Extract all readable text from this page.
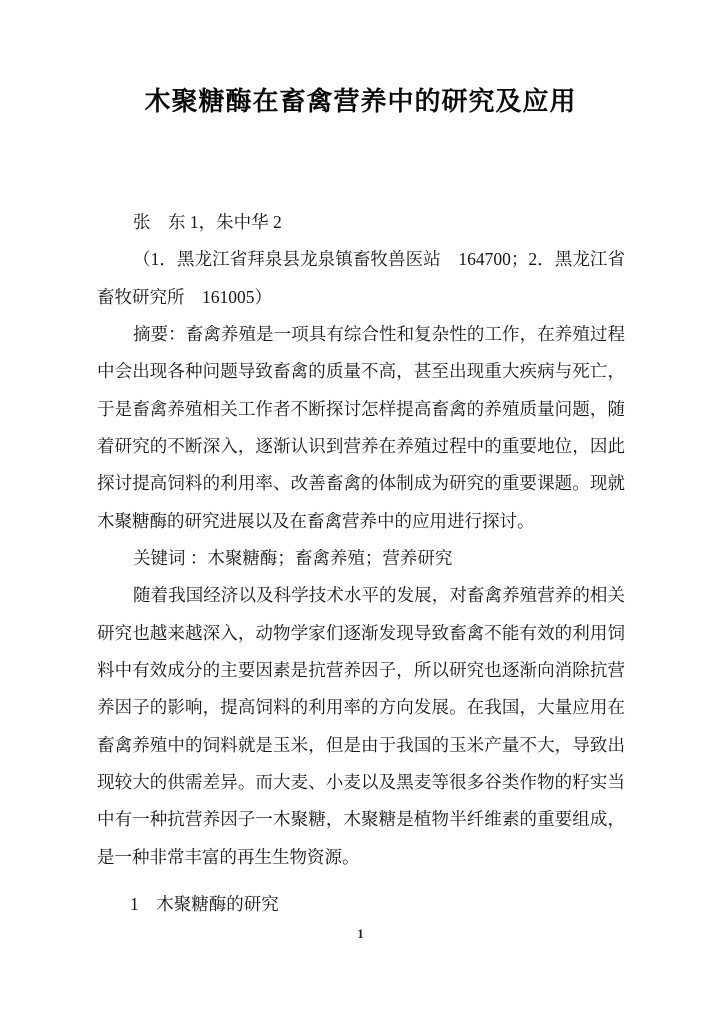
木聚糖酶在畜禽营养中的研究及应用
张　东 1，朱中华 2
（1．黑龙江省拜泉县龙泉镇畜牧兽医站　164700；2．黑龙江省
畜牧研究所　161005）
摘要：畜禽养殖是一项具有综合性和复杂性的工作，在养殖过程
中会出现各种问题导致畜禽的质量不高，甚至出现重大疾病与死亡，
于是畜禽养殖相关工作者不断探讨怎样提高畜禽的养殖质量问题，随
着研究的不断深入，逐渐认识到营养在养殖过程中的重要地位，因此
探讨提高饲料的利用率、改善畜禽的体制成为研究的重要课题。现就
木聚糖酶的研究进展以及在畜禽营养中的应用进行探讨。
关键词 ：木聚糖酶；畜禽养殖；营养研究
随着我国经济以及科学技术水平的发展，对畜禽养殖营养的相关
研究也越来越深入，动物学家们逐渐发现导致畜禽不能有效的利用饲
料中有效成分的主要因素是抗营养因子，所以研究也逐渐向消除抗营
养因子的影响，提高饲料的利用率的方向发展。在我国，大量应用在
畜禽养殖中的饲料就是玉米，但是由于我国的玉米产量不大，导致出
现较大的供需差异。而大麦、小麦以及黑麦等很多谷类作物的籽实当
中有一种抗营养因子一木聚糖，木聚糖是植物半纤维素的重要组成，
是一种非常丰富的再生生物资源。
1　木聚糖酶的研究
1
